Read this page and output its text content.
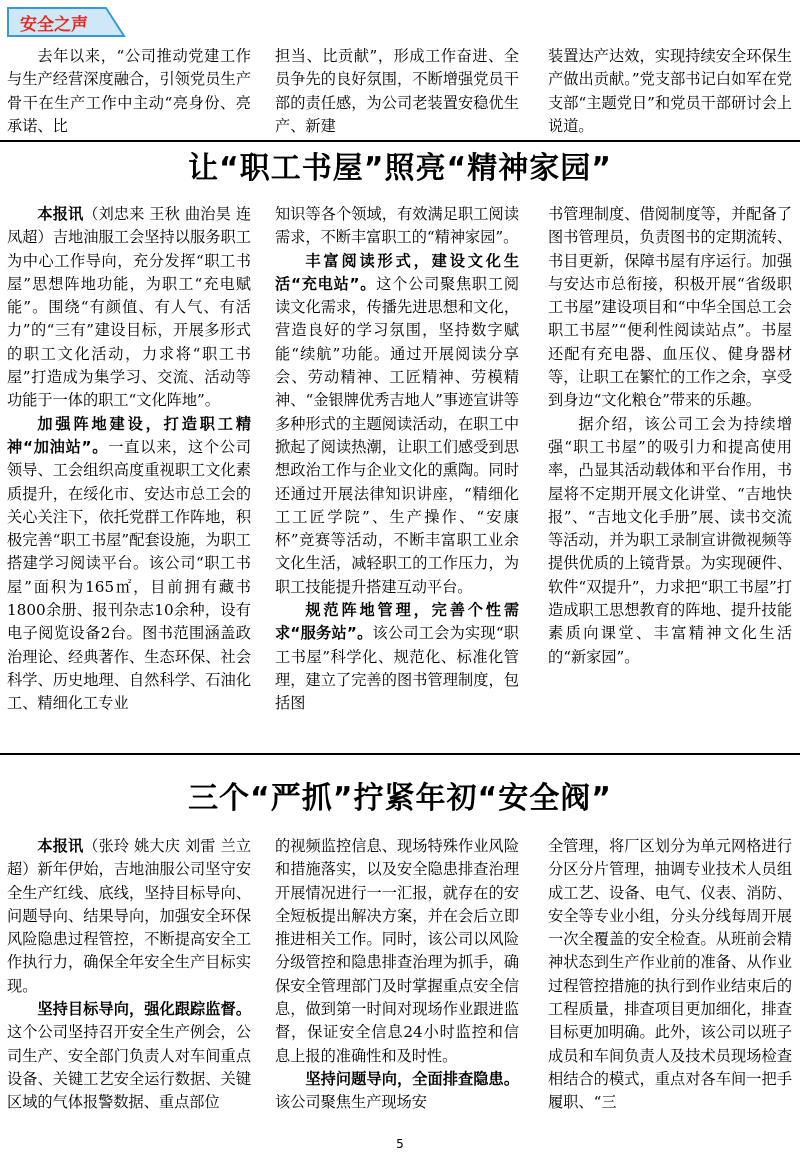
安全之声

去年以来，“公司推动党建工作与生产经营深度融合，引领党员生产骨干在生产工作中主动“亮身份、亮承诺、比

担当、比贡献”，形成工作奋进、全员争先的良好氛围，不断增强党员干部的责任感，为公司老装置安稳优生产、新建

装置达产达效，实现持续安全环保生产做出贡献。”党支部书记白如军在党支部“主题党日”和党员干部研讨会上说道。

让“职工书屋”照亮“精神家园”

本报讯（刘忠来 王秋 曲治昊 连凤超）吉地油服工会坚持以服务职工为中心工作导向，充分发挥“职工书屋”思想阵地功能，为职工“充电赋能”。围绕“有颜值、有人气、有活力”的“三有”建设目标，开展多形式的职工文化活动，力求将“职工书屋”打造成为集学习、交流、活动等功能于一体的职工“文化阵地”。

加强阵地建设，打造职工精神“加油站”。一直以来，这个公司领导、工会组织高度重视职工文化素质提升，在绥化市、安达市总工会的关心关注下，依托党群工作阵地，积极完善“职工书屋”配套设施，为职工搭建学习阅读平台。该公司“职工书屋”面积为165㎡，目前拥有藏书1800余册、报刊杂志10余种，设有电子阅览设备2台。图书范围涵盖政治理论、经典著作、生态环保、社会科学、历史地理、自然科学、石油化工、精细化工专业

知识等各个领域，有效满足职工阅读需求，不断丰富职工的“精神家园”。

丰富阅读形式，建设文化生活“充电站”。这个公司聚焦职工阅读文化需求，传播先进思想和文化，营造良好的学习氛围，坚持数字赋能“续航”功能。通过开展阅读分享会、劳动精神、工匠精神、劳模精神、“金银牌优秀吉地人”事迹宣讲等多种形式的主题阅读活动，在职工中掀起了阅读热潮，让职工们感受到思想政治工作与企业文化的熏陶。同时还通过开展法律知识讲座，“精细化工工匠学院”、生产操作、“安康杯”竞赛等活动，不断丰富职工业余文化生活，减轻职工的工作压力，为职工技能提升搭建互动平台。

规范阵地管理，完善个性需求“服务站”。该公司工会为实现“职工书屋”科学化、规范化、标准化管理，建立了完善的图书管理制度，包括图

书管理制度、借阅制度等，并配备了图书管理员，负责图书的定期流转、书目更新，保障书屋有序运行。加强与安达市总衔接，积极开展“省级职工书屋”建设项目和“中华全国总工会职工书屋”“便利性阅读站点”。书屋还配有充电器、血压仪、健身器材等，让职工在繁忙的工作之余，享受到身边“文化粮仓”带来的乐趣。

据介绍，该公司工会为持续增强“职工书屋”的吸引力和提高使用率，凸显其活动载体和平台作用，书屋将不定期开展文化讲堂、“吉地快报”、“吉地文化手册”展、读书交流等活动，并为职工录制宣讲微视频等提供优质的上镜背景。为实现硬件、软件“双提升”，力求把“职工书屋”打造成职工思想教育的阵地、提升技能素质向课堂、丰富精神文化生活的“新家园”。

三个“严抓”拧紧年初“安全阀”

本报讯（张玲 姚大庆 刘雷 兰立超）新年伊始，吉地油服公司坚守安全生产红线、底线，坚持目标导向、问题导向、结果导向，加强安全环保风险隐患过程管控，不断提高安全工作执行力，确保全年安全生产目标实现。

坚持目标导向，强化跟踪监督。这个公司坚持召开安全生产例会，公司生产、安全部门负责人对车间重点设备、关键工艺安全运行数据、关键区域的气体报警数据、重点部位

的视频监控信息、现场特殊作业风险和措施落实，以及安全隐患排查治理开展情况进行一一汇报，就存在的安全短板提出解决方案，并在会后立即推进相关工作。同时，该公司以风险分级管控和隐患排查治理为抓手，确保安全管理部门及时掌握重点安全信息，做到第一时间对现场作业跟进监督，保证安全信息24小时监控和信息上报的准确性和及时性。

坚持问题导向，全面排查隐患。该公司聚焦生产现场安

全管理，将厂区划分为单元网格进行分区分片管理，抽调专业技术人员组成工艺、设备、电气、仪表、消防、安全等专业小组，分头分线每周开展一次全覆盖的安全检查。从班前会精神状态到生产作业前的准备、从作业过程管控措施的执行到作业结束后的工程质量，排查项目更加细化，排查目标更加明确。此外，该公司以班子成员和车间负责人及技术员现场检查相结合的模式，重点对各车间一把手履职、“三

5
